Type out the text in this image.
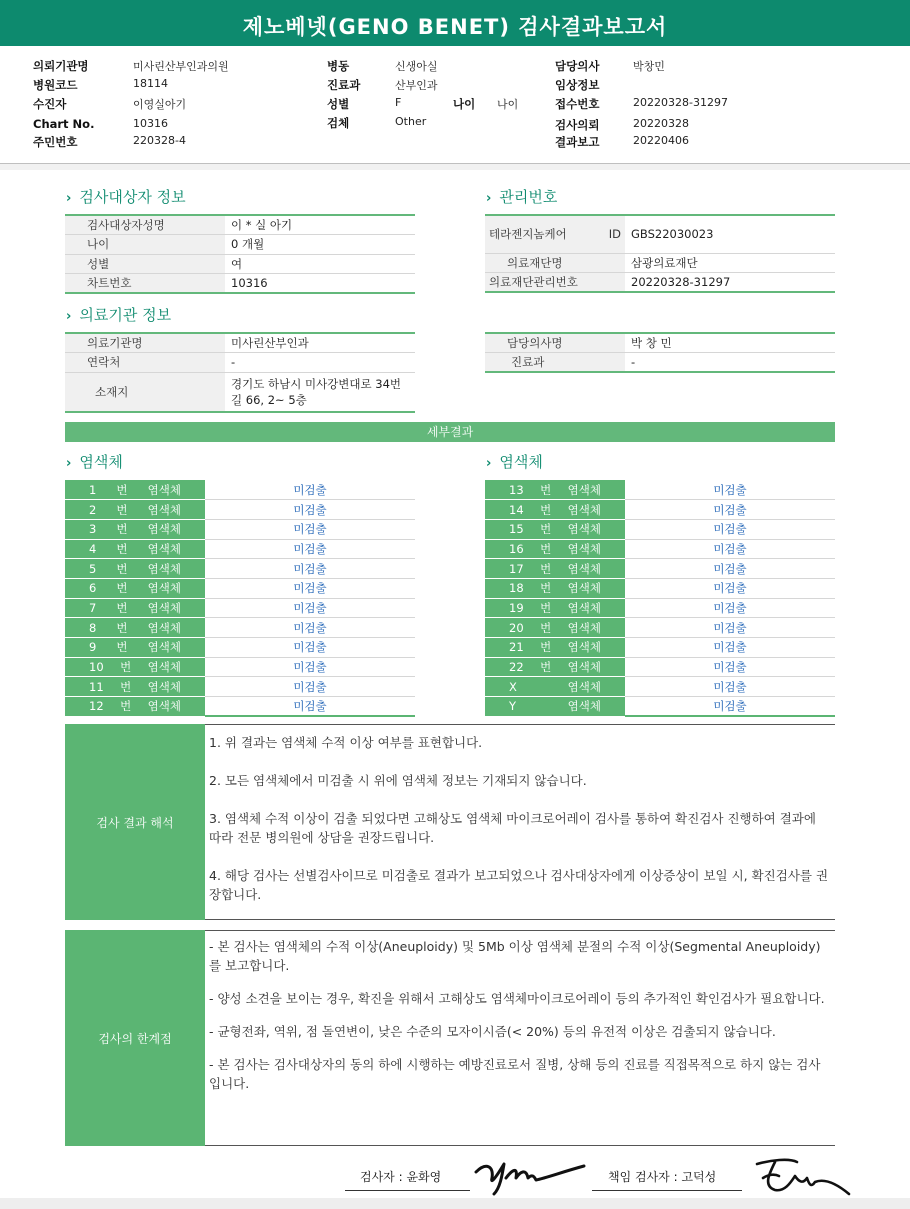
제노베넷(GENO BENET) 검사결과보고서
의뢰기관명	미사린산부인과의원
병원코드	18114
수진자	이영실아기
Chart No.	10316
주민번호	220328-4
병동	신생아실
진료과	산부인과
성별	F	나이 나이
검체	Other
담당의사	박창민
임상정보
접수번호	20220328-31297
검사의뢰	20220328
결과보고	20220406
› 검사대상자 정보
검사대상자성명	이 * 실 아기
나이	0 개월
성별	여
차트번호	10316
› 관리번호
테라젠지놈케어 ID	GBS22030023
의료재단명	삼광의료재단
의료재단관리번호	20220328-31297
› 의료기관 정보
의료기관명	미사린산부인과
연락처	-
소재지	경기도 하남시 미사강변대로 34번길 66, 2~ 5층
담당의사명	박 창 민
진료과	-
세부결과
› 염색체	› 염색체
1 번 염색체	미검출
2 번 염색체	미검출
3 번 염색체	미검출
4 번 염색체	미검출
5 번 염색체	미검출
6 번 염색체	미검출
7 번 염색체	미검출
8 번 염색체	미검출
9 번 염색체	미검출
10 번 염색체	미검출
11 번 염색체	미검출
12 번 염색체	미검출
13 번 염색체	미검출
14 번 염색체	미검출
15 번 염색체	미검출
16 번 염색체	미검출
17 번 염색체	미검출
18 번 염색체	미검출
19 번 염색체	미검출
20 번 염색체	미검출
21 번 염색체	미검출
22 번 염색체	미검출
X 염색체	미검출
Y 염색체	미검출
검사 결과 해석

1. 위 결과는 염색체 수적 이상 여부를 표현합니다.

2. 모든 염색체에서 미검출 시 위에 염색체 정보는 기재되지 않습니다.

3. 염색체 수적 이상이 검출 되었다면 고해상도 염색체 마이크로어레이 검사를 통하여 확진검사 진행하여 결과에 따라 전문 병의원에 상담을 권장드립니다.

4. 해당 검사는 선별검사이므로 미검출로 결과가 보고되었으나 검사대상자에게 이상증상이 보일 시, 확진검사를 권장합니다.

검사의 한계점

- 본 검사는 염색체의 수적 이상(Aneuploidy) 및 5Mb 이상 염색체 분절의 수적 이상(Segmental Aneuploidy)를 보고합니다.

- 양성 소견을 보이는 경우, 확진을 위해서 고해상도 염색체마이크로어레이 등의 추가적인 확인검사가 필요합니다.

- 균형전좌, 역위, 점 돌연변이, 낮은 수준의 모자이시즘(< 20%) 등의 유전적 이상은 검출되지 않습니다.

- 본 검사는 검사대상자의 동의 하에 시행하는 예방진료로서 질병, 상해 등의 진료를 직접목적으로 하지 않는 검사입니다.

검사자 : 윤화영	책임 검사자 : 고덕성
